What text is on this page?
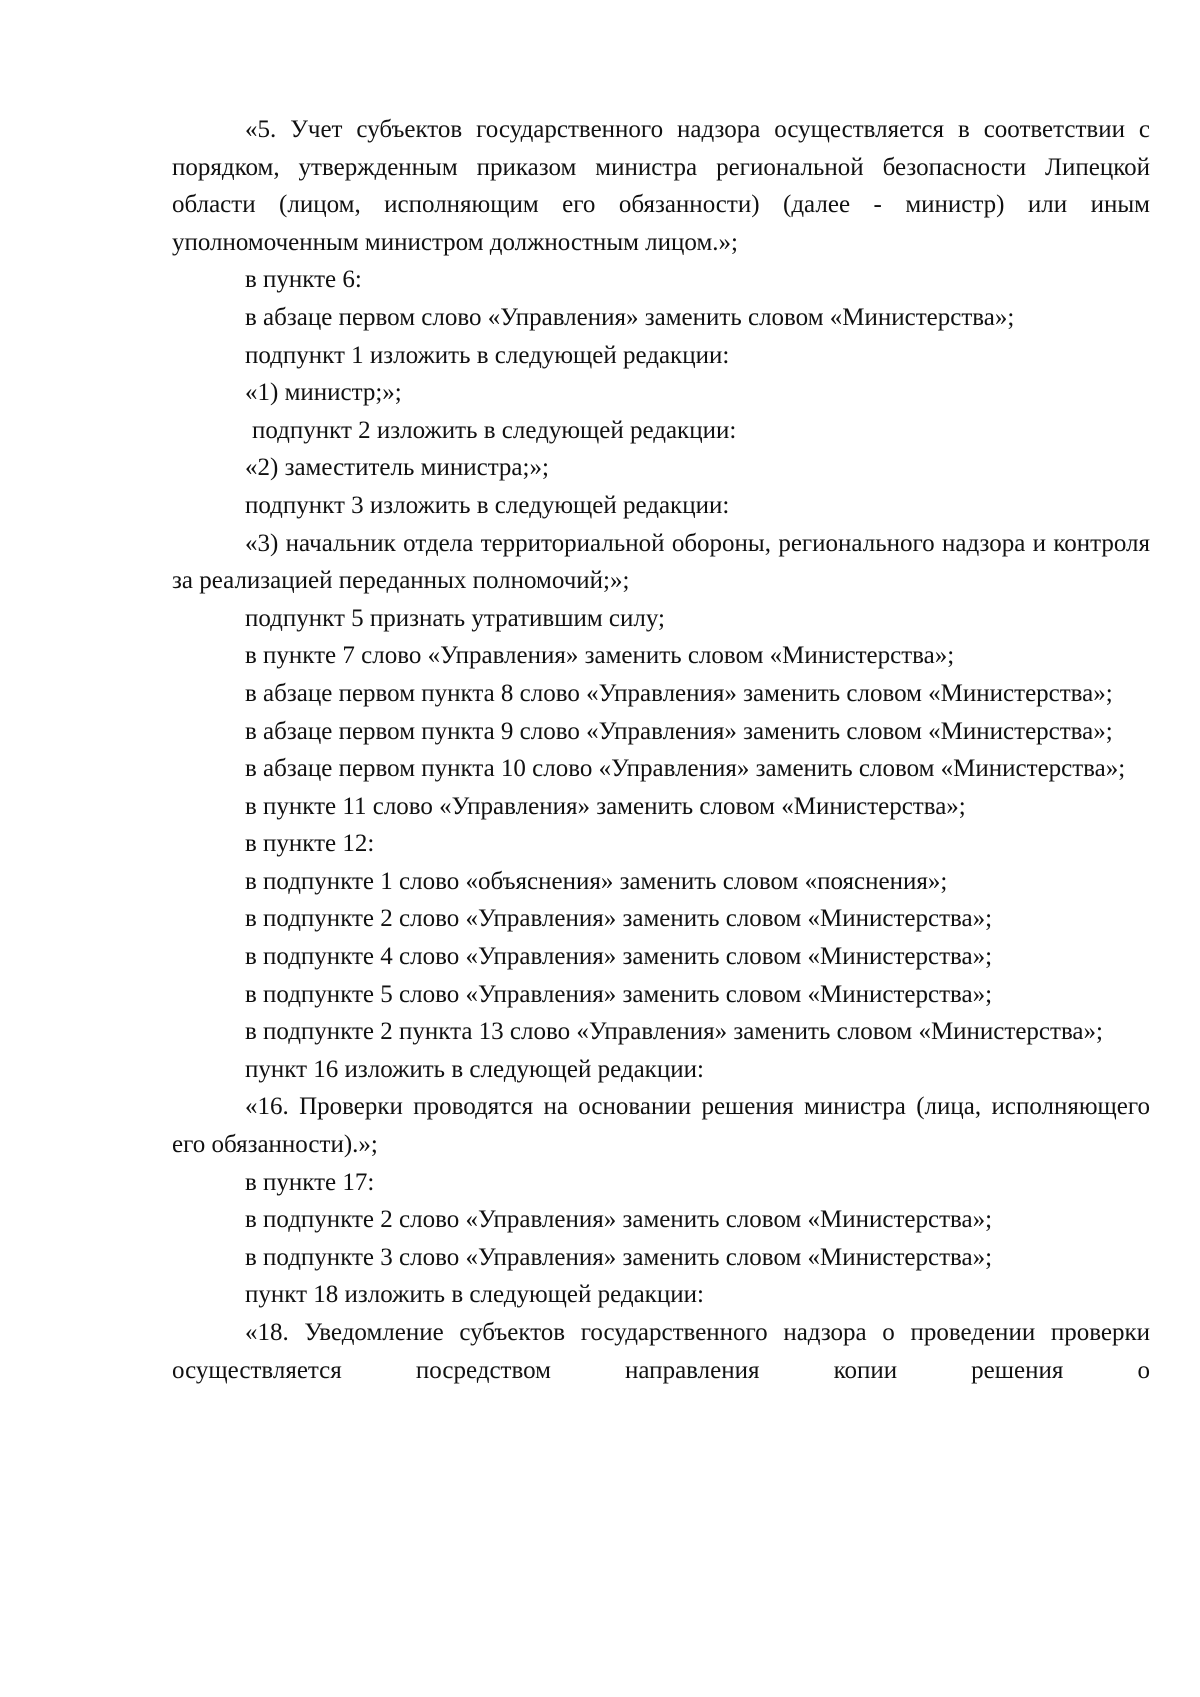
«5. Учет субъектов государственного надзора осуществляется в соответствии с порядком, утвержденным приказом министра региональной безопасности Липецкой области (лицом, исполняющим его обязанности) (далее - министр) или иным уполномоченным министром должностным лицом.»;

в пункте 6:

в абзаце первом слово «Управления» заменить словом «Министерства»;

подпункт 1 изложить в следующей редакции:

«1) министр;»;

подпункт 2 изложить в следующей редакции:

«2) заместитель министра;»;

подпункт 3 изложить в следующей редакции:

«3) начальник отдела территориальной обороны, регионального надзора и контроля за реализацией переданных полномочий;»;

подпункт 5 признать утратившим силу;

в пункте 7 слово «Управления» заменить словом «Министерства»;

в абзаце первом пункта 8 слово «Управления» заменить словом «Министерства»;

в абзаце первом пункта 9 слово «Управления» заменить словом «Министерства»;

в абзаце первом пункта 10 слово «Управления» заменить словом «Министерства»;

в пункте 11 слово «Управления» заменить словом «Министерства»;

в пункте 12:

в подпункте 1 слово «объяснения» заменить словом «пояснения»;

в подпункте 2 слово «Управления» заменить словом «Министерства»;

в подпункте 4 слово «Управления» заменить словом «Министерства»;

в подпункте 5 слово «Управления» заменить словом «Министерства»;

в подпункте 2 пункта 13 слово «Управления» заменить словом «Министерства»;

пункт 16 изложить в следующей редакции:

«16. Проверки проводятся на основании решения министра (лица, исполняющего его обязанности).»;

в пункте 17:

в подпункте 2 слово «Управления» заменить словом «Министерства»;

в подпункте 3 слово «Управления» заменить словом «Министерства»;

пункт 18 изложить в следующей редакции:

«18. Уведомление субъектов государственного надзора о проведении проверки осуществляется посредством направления копии решения о
